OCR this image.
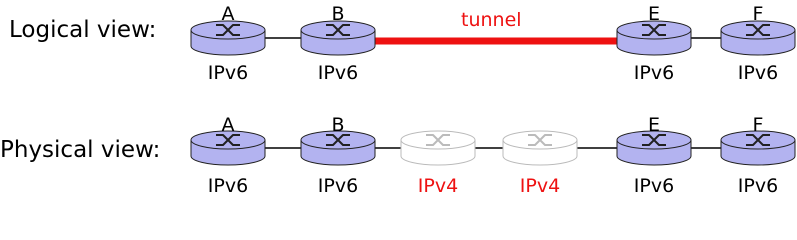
Logical view:
Physical view:
tunnel
A
IPv6
B
IPv6
E
IPv6
F
IPv6
A
IPv6
B
IPv6	IPv4	IPv4
E
IPv6
F
IPv6
